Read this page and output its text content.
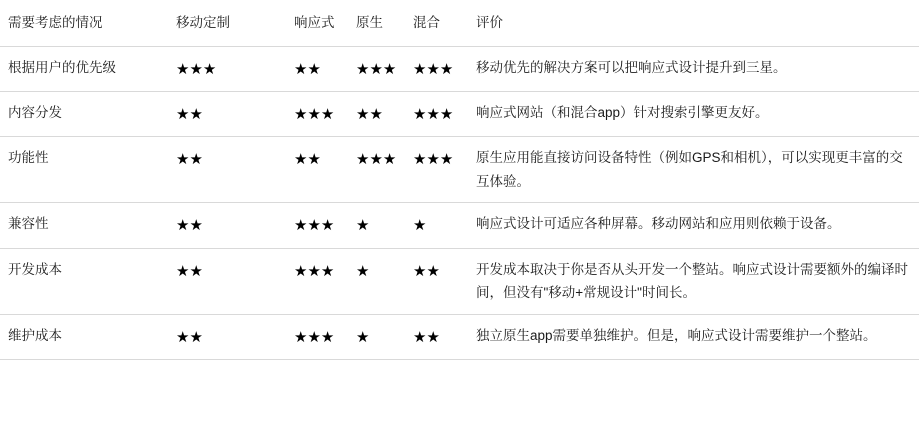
需要考虑的情况	移动定制	响应式	原生	混合	评价
根据用户的优先级	★★★	★★	★★★	★★★	移动优先的解决方案可以把响应式设计提升到三星。
内容分发	★★	★★★	★★	★★★	响应式网站（和混合app）针对搜索引擎更友好。
功能性	★★	★★	★★★	★★★	原生应用能直接访问设备特性（例如GPS和相机），可以实现更丰富的交互体验。
兼容性	★★	★★★	★	★	响应式设计可适应各种屏幕。移动网站和应用则依赖于设备。
开发成本	★★	★★★	★	★★	开发成本取决于你是否从头开发一个整站。响应式设计需要额外的编译时间，但没有"移动+常规设计"时间长。
维护成本	★★	★★★	★	★★	独立原生app需要单独维护。但是，响应式设计需要维护一个整站。
